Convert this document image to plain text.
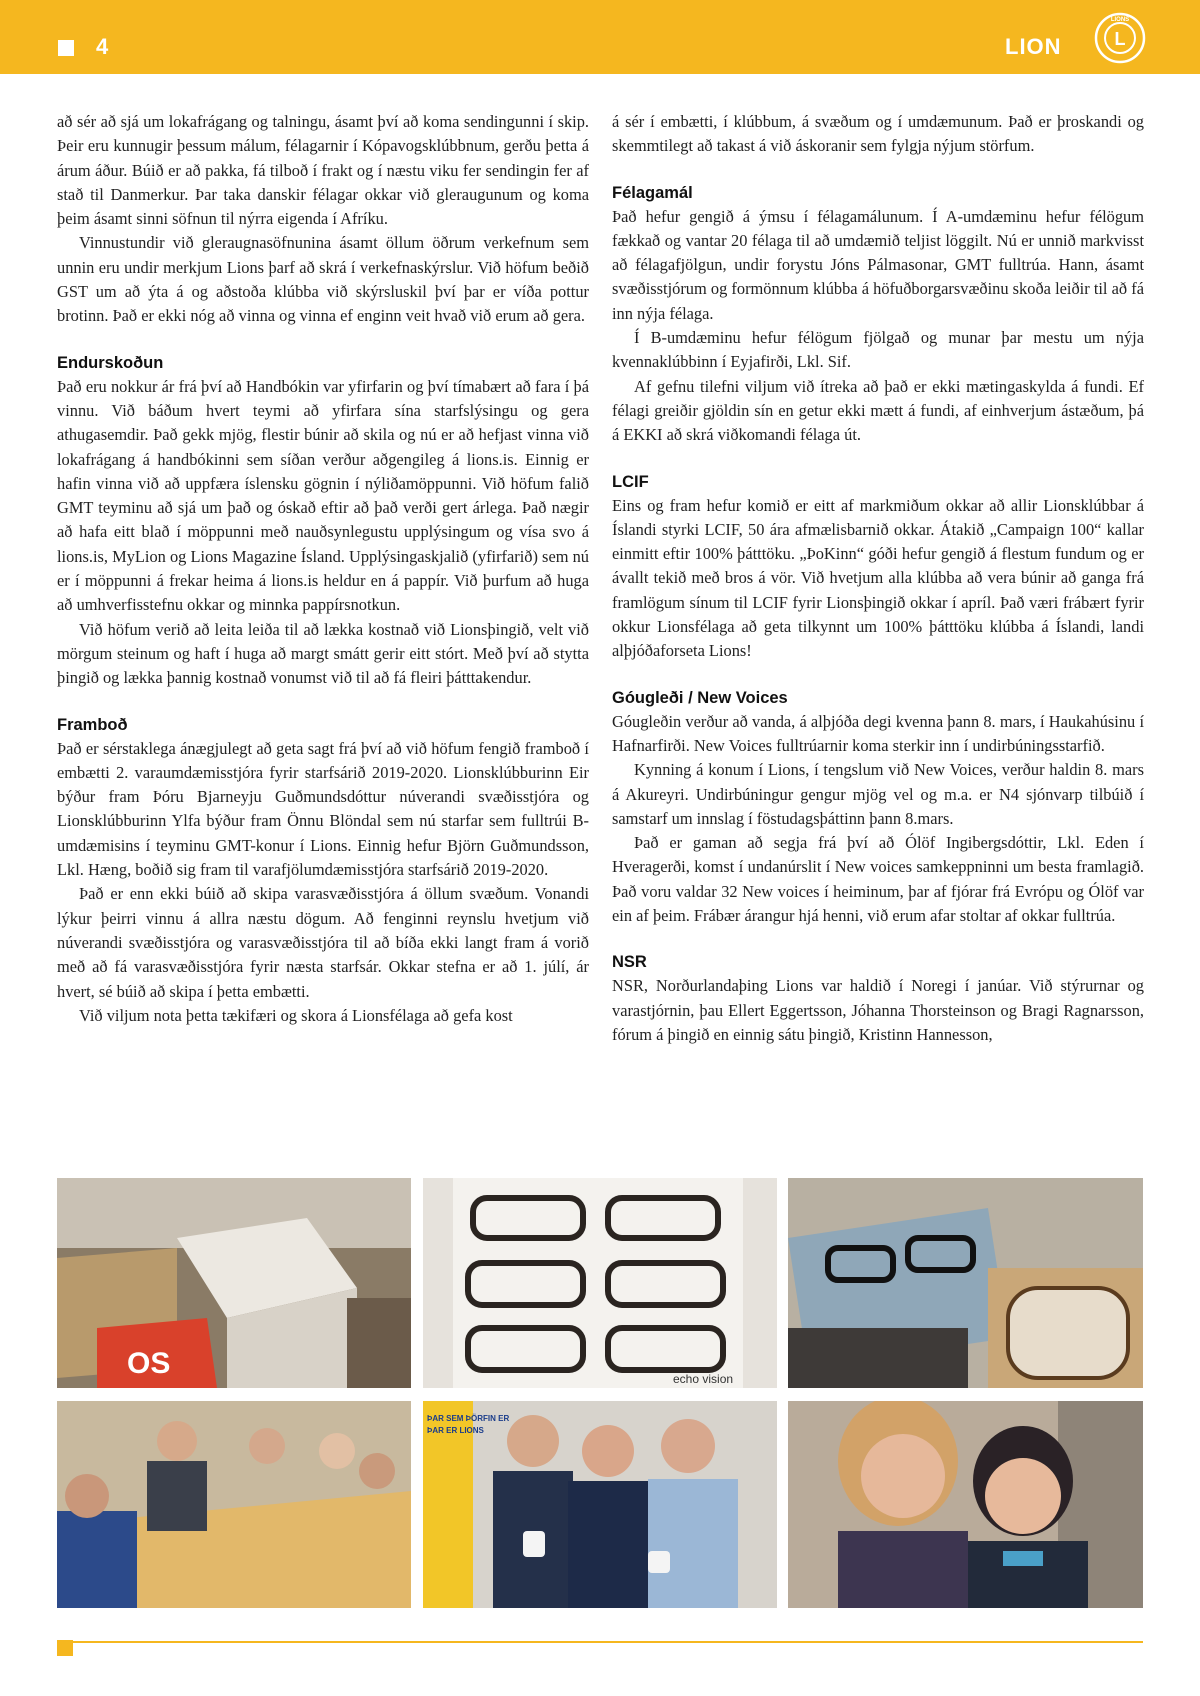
4	LION	L
LIONS

að sér að sjá um lokafrágang og talningu, ásamt því að koma sendingunni í skip. Þeir eru kunnugir þessum málum, félagarnir í Kópavogsklúbbnum, gerðu þetta á árum áður. Búið er að pakka, fá tilboð í frakt og í næstu viku fer sendingin fer af stað til Danmerkur. Þar taka danskir félagar okkar við gleraugunum og koma þeim ásamt sinni söfnun til nýrra eigenda í Afríku.

Vinnustundir við gleraugnasöfnunina ásamt öllum öðrum verkefnum sem unnin eru undir merkjum Lions þarf að skrá í verkefnaskýrslur. Við höfum beðið GST um að ýta á og aðstoða klúbba við skýrsluskil því þar er víða pottur brotinn. Það er ekki nóg að vinna og vinna ef enginn veit hvað við erum að gera.

Endurskoðun

Það eru nokkur ár frá því að Handbókin var yfirfarin og því tímabært að fara í þá vinnu. Við báðum hvert teymi að yfirfara sína starfslýsingu og gera athugasemdir. Það gekk mjög, flestir búnir að skila og nú er að hefjast vinna við lokafrágang á handbókinni sem síðan verður aðgengileg á lions.is. Einnig er hafin vinna við að uppfæra íslensku gögnin í nýliðamöppunni. Við höfum falið GMT teyminu að sjá um það og óskað eftir að það verði gert árlega. Það nægir að hafa eitt blað í möppunni með nauðsynlegustu upplýsingum og vísa svo á lions.is, MyLion og Lions Magazine Ísland. Upplýsingaskjalið (yfirfarið) sem nú er í möppunni á frekar heima á lions.is heldur en á pappír. Við þurfum að huga að umhverfisstefnu okkar og minnka pappírsnotkun.

Við höfum verið að leita leiða til að lækka kostnað við Lionsþingið, velt við mörgum steinum og haft í huga að margt smátt gerir eitt stórt. Með því að stytta þingið og lækka þannig kostnað vonumst við til að fá fleiri þátttakendur.

Framboð

Það er sérstaklega ánægjulegt að geta sagt frá því að við höfum fengið framboð í embætti 2. varaumdæmisstjóra fyrir starfsárið 2019-2020. Lionsklúbburinn Eir býður fram Þóru Bjarneyju Guðmundsdóttur núverandi svæðisstjóra og Lionsklúbburinn Ylfa býður fram Önnu Blöndal sem nú starfar sem fulltrúi B-umdæmisins í teyminu GMT-konur í Lions. Einnig hefur Björn Guðmundsson, Lkl. Hæng, boðið sig fram til varafjölumdæmisstjóra starfsárið 2019-2020.

Það er enn ekki búið að skipa varasvæðisstjóra á öllum svæðum. Vonandi lýkur þeirri vinnu á allra næstu dögum. Að fenginni reynslu hvetjum við núverandi svæðisstjóra og varasvæðisstjóra til að bíða ekki langt fram á vorið með að fá varasvæðisstjóra fyrir næsta starfsár. Okkar stefna er að 1. júlí, ár hvert, sé búið að skipa í þetta embætti.

Við viljum nota þetta tækifæri og skora á Lionsfélaga að gefa kost

á sér í embætti, í klúbbum, á svæðum og í umdæmunum. Það er þroskandi og skemmtilegt að takast á við áskoranir sem fylgja nýjum störfum.

Félagamál

Það hefur gengið á ýmsu í félagamálunum. Í A-umdæminu hefur félögum fækkað og vantar 20 félaga til að umdæmið teljist löggilt. Nú er unnið markvisst að félagafjölgun, undir forystu Jóns Pálmasonar, GMT fulltrúa. Hann, ásamt svæðisstjórum og formönnum klúbba á höfuðborgarsvæðinu skoða leiðir til að fá inn nýja félaga.

Í B-umdæminu hefur félögum fjölgað og munar þar mestu um nýja kvennaklúbbinn í Eyjafirði, Lkl. Sif.

Af gefnu tilefni viljum við ítreka að það er ekki mætingaskylda á fundi. Ef félagi greiðir gjöldin sín en getur ekki mætt á fundi, af einhverjum ástæðum, þá á EKKI að skrá viðkomandi félaga út.

LCIF

Eins og fram hefur komið er eitt af markmiðum okkar að allir Lionsklúbbar á Íslandi styrki LCIF, 50 ára afmælisbarnið okkar. Átakið „Campaign 100“ kallar einmitt eftir 100% þátttöku. „ÞoKinn“ góði hefur gengið á flestum fundum og er ávallt tekið með bros á vör. Við hvetjum alla klúbba að vera búnir að ganga frá framlögum sínum til LCIF fyrir Lionsþingið okkar í apríl. Það væri frábært fyrir okkur Lionsfélaga að geta tilkynnt um 100% þátttöku klúbba á Íslandi, landi alþjóðaforseta Lions!

Góugleði / New Voices

Góugleðin verður að vanda, á alþjóða degi kvenna þann 8. mars, í Haukahúsinu í Hafnarfirði. New Voices fulltrúarnir koma sterkir inn í undirbúningsstarfið.

Kynning á konum í Lions, í tengslum við New Voices, verður haldin 8. mars á Akureyri. Undirbúningur gengur mjög vel og m.a. er N4 sjónvarp tilbúið í samstarf um innslag í föstudagsþáttinn þann 8.mars.

Það er gaman að segja frá því að Ólöf Ingibergsdóttir, Lkl. Eden í Hveragerði, komst í undanúrslit í New voices samkeppninni um besta framlagið. Það voru valdar 32 New voices í heiminum, þar af fjórar frá Evrópu og Ólöf var ein af þeim. Frábær árangur hjá henni, við erum afar stoltar af okkar fulltrúa.

NSR

NSR, Norðurlandaþing Lions var haldið í Noregi í janúar. Við stýrurnar og varastjórnin, þau Ellert Eggertsson, Jóhanna Thorsteinson og Bragi Ragnarsson, fórum á þingið en einnig sátu þingið, Kristinn Hannesson,

OS	echo vision
ÞAR SEM ÞÖRFIN ER
ÞAR ER LIONS
